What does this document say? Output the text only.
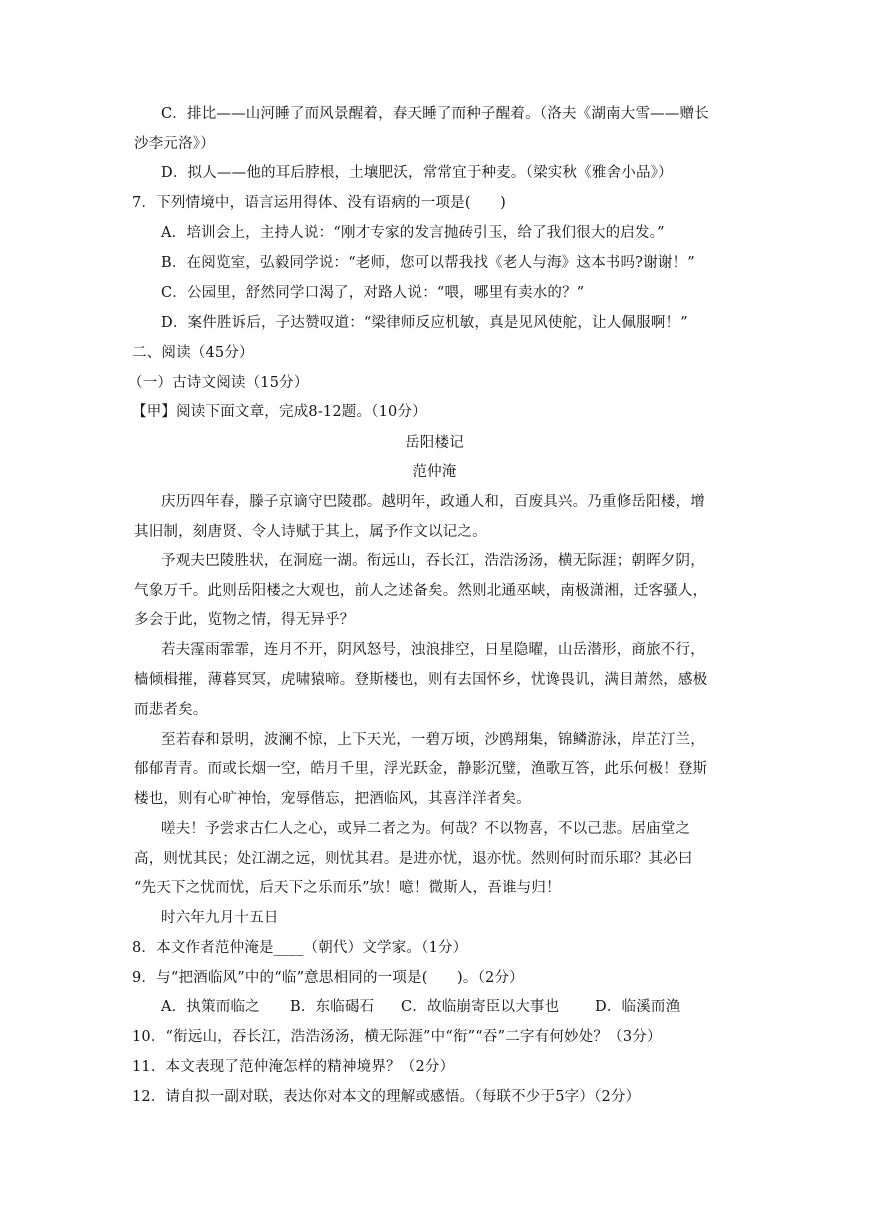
C．排比——山河睡了而风景醒着，春天睡了而种子醒着。（洛夫《湖南大雪——赠长
沙李元洛》）
D．拟人——他的耳后脖根，土壤肥沃，常常宜于种麦。（梁实秋《雅舍小品》）
7．下列情境中，语言运用得体、没有语病的一项是(　　)
A．培训会上，主持人说：“刚才专家的发言抛砖引玉，给了我们很大的启发。”
B．在阅览室，弘毅同学说：“老师，您可以帮我找《老人与海》这本书吗?谢谢！”
C．公园里，舒然同学口渴了，对路人说：“喂，哪里有卖水的？”
D．案件胜诉后，子达赞叹道：“梁律师反应机敏，真是见风使舵，让人佩服啊！”
二、阅读（45分）
（一）古诗文阅读（15分）
【甲】阅读下面文章，完成8-12题。（10分）
岳阳楼记
范仲淹
庆历四年春，滕子京谪守巴陵郡。越明年，政通人和，百废具兴。乃重修岳阳楼，增
其旧制，刻唐贤、令人诗赋于其上，属予作文以记之。
予观夫巴陵胜状，在洞庭一湖。衔远山，吞长江，浩浩汤汤，横无际涯；朝晖夕阴，
气象万千。此则岳阳楼之大观也，前人之述备矣。然则北通巫峡，南极潇湘，迁客骚人，
多会于此，览物之情，得无异乎？
若夫霪雨霏霏，连月不开，阴风怒号，浊浪排空，日星隐曜，山岳潜形，商旅不行，
樯倾楫摧，薄暮冥冥，虎啸猿啼。登斯楼也，则有去国怀乡，忧谗畏讥，满目萧然，感极
而悲者矣。
至若春和景明，波澜不惊，上下天光，一碧万顷，沙鸥翔集，锦鳞游泳，岸芷汀兰，
郁郁青青。而或长烟一空，皓月千里，浮光跃金，静影沉璧，渔歌互答，此乐何极！登斯
楼也，则有心旷神怡，宠辱偕忘，把酒临风，其喜洋洋者矣。
嗟夫！予尝求古仁人之心，或异二者之为。何哉？不以物喜，不以己悲。居庙堂之
高，则忧其民；处江湖之远，则忧其君。是进亦忧，退亦忧。然则何时而乐耶？其必曰
“先天下之忧而忧，后天下之乐而乐”欤！噫！微斯人，吾谁与归！
时六年九月十五日
8．本文作者范仲淹是____（朝代）文学家。（1分）
9．与“把酒临风”中的“临”意思相同的一项是(　　)。（2分）
A．执策而临之 B．东临碣石 C．故临崩寄臣以大事也 D．临溪而渔
10．“衔远山，吞长江，浩浩汤汤，横无际涯”中“衔”“吞”二字有何妙处？（3分）
11．本文表现了范仲淹怎样的精神境界？（2分）
12．请自拟一副对联，表达你对本文的理解或感悟。（每联不少于5字）（2分）
